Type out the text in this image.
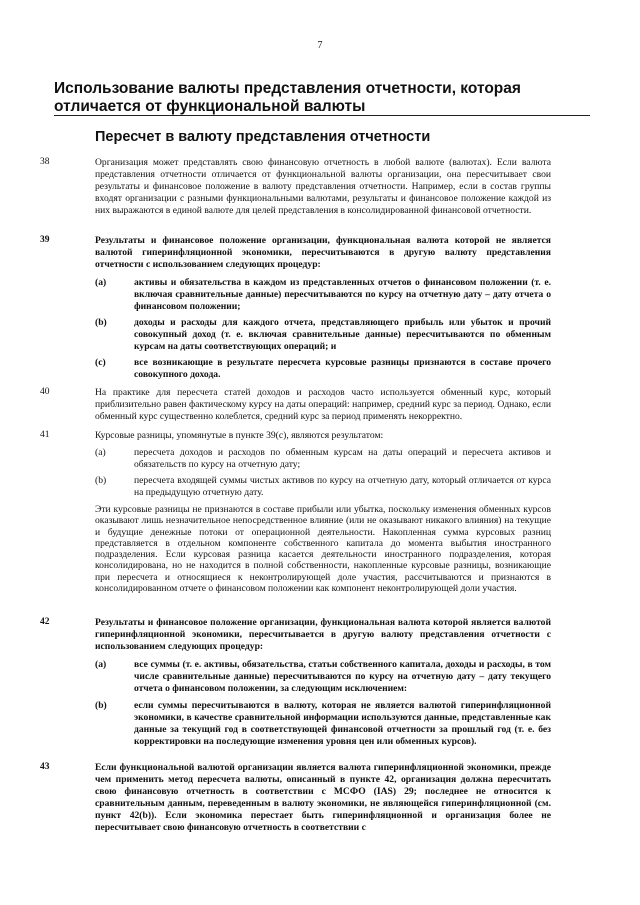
7
Использование валюты представления отчетности, которая отличается от функциональной валюты
Пересчет в валюту представления отчетности
38	Организация может представлять свою финансовую отчетность в любой валюте (валютах). Если валюта представления отчетности отличается от функциональной валюты организации, она пересчитывает свои результаты и финансовое положение в валюту представления отчетности. Например, если в состав группы входят организации с разными функциональными валютами, результаты и финансовое положение каждой из них выражаются в единой валюте для целей представления в консолидированной финансовой отчетности.
39	Результаты и финансовое положение организации, функциональная валюта которой не является валютой гиперинфляционной экономики, пересчитываются в другую валюту представления отчетности с использованием следующих процедур:
(a)	активы и обязательства в каждом из представленных отчетов о финансовом положении (т. е. включая сравнительные данные) пересчитываются по курсу на отчетную дату – дату отчета о финансовом положении;
(b)	доходы и расходы для каждого отчета, представляющего прибыль или убыток и прочий совокупный доход (т. е. включая сравнительные данные) пересчитываются по обменным курсам на даты соответствующих операций; и
(c)	все возникающие в результате пересчета курсовые разницы признаются в составе прочего совокупного дохода.
40	На практике для пересчета статей доходов и расходов часто используется обменный курс, который приблизительно равен фактическому курсу на даты операций: например, средний курс за период. Однако, если обменный курс существенно колеблется, средний курс за период применять некорректно.
41	Курсовые разницы, упомянутые в пункте 39(c), являются результатом:
(a)	пересчета доходов и расходов по обменным курсам на даты операций и пересчета активов и обязательств по курсу на отчетную дату;
(b)	пересчета входящей суммы чистых активов по курсу на отчетную дату, который отличается от курса на предыдущую отчетную дату.
Эти курсовые разницы не признаются в составе прибыли или убытка, поскольку изменения обменных курсов оказывают лишь незначительное непосредственное влияние (или не оказывают никакого влияния) на текущие и будущие денежные потоки от операционной деятельности. Накопленная сумма курсовых разниц представляется в отдельном компоненте собственного капитала до момента выбытия иностранного подразделения. Если курсовая разница касается деятельности иностранного подразделения, которая консолидирована, но не находится в полной собственности, накопленные курсовые разницы, возникающие при пересчета и относящиеся к неконтролирующей доле участия, рассчитываются и признаются в консолидированном отчете о финансовом положении как компонент неконтролирующей доли участия.
42	Результаты и финансовое положение организации, функциональная валюта которой является валютой гиперинфляционной экономики, пересчитывается в другую валюту представления отчетности с использованием следующих процедур:
(a)	все суммы (т. е. активы, обязательства, статьи собственного капитала, доходы и расходы, в том числе сравнительные данные) пересчитываются по курсу на отчетную дату – дату текущего отчета о финансовом положении, за следующим исключением:
(b)	если суммы пересчитываются в валюту, которая не является валютой гиперинфляционной экономики, в качестве сравнительной информации используются данные, представленные как данные за текущий год в соответствующей финансовой отчетности за прошлый год (т. е. без корректировки на последующие изменения уровня цен или обменных курсов).
43	Если функциональной валютой организации является валюта гиперинфляционной экономики, прежде чем применить метод пересчета валюты, описанный в пункте 42, организация должна пересчитать свою финансовую отчетность в соответствии с МСФО (IAS) 29; последнее не относится к сравнительным данным, переведенным в валюту экономики, не являющейся гиперинфляционной (см. пункт 42(b)). Если экономика перестает быть гиперинфляционной и организация более не пересчитывает свою финансовую отчетность в соответствии с
